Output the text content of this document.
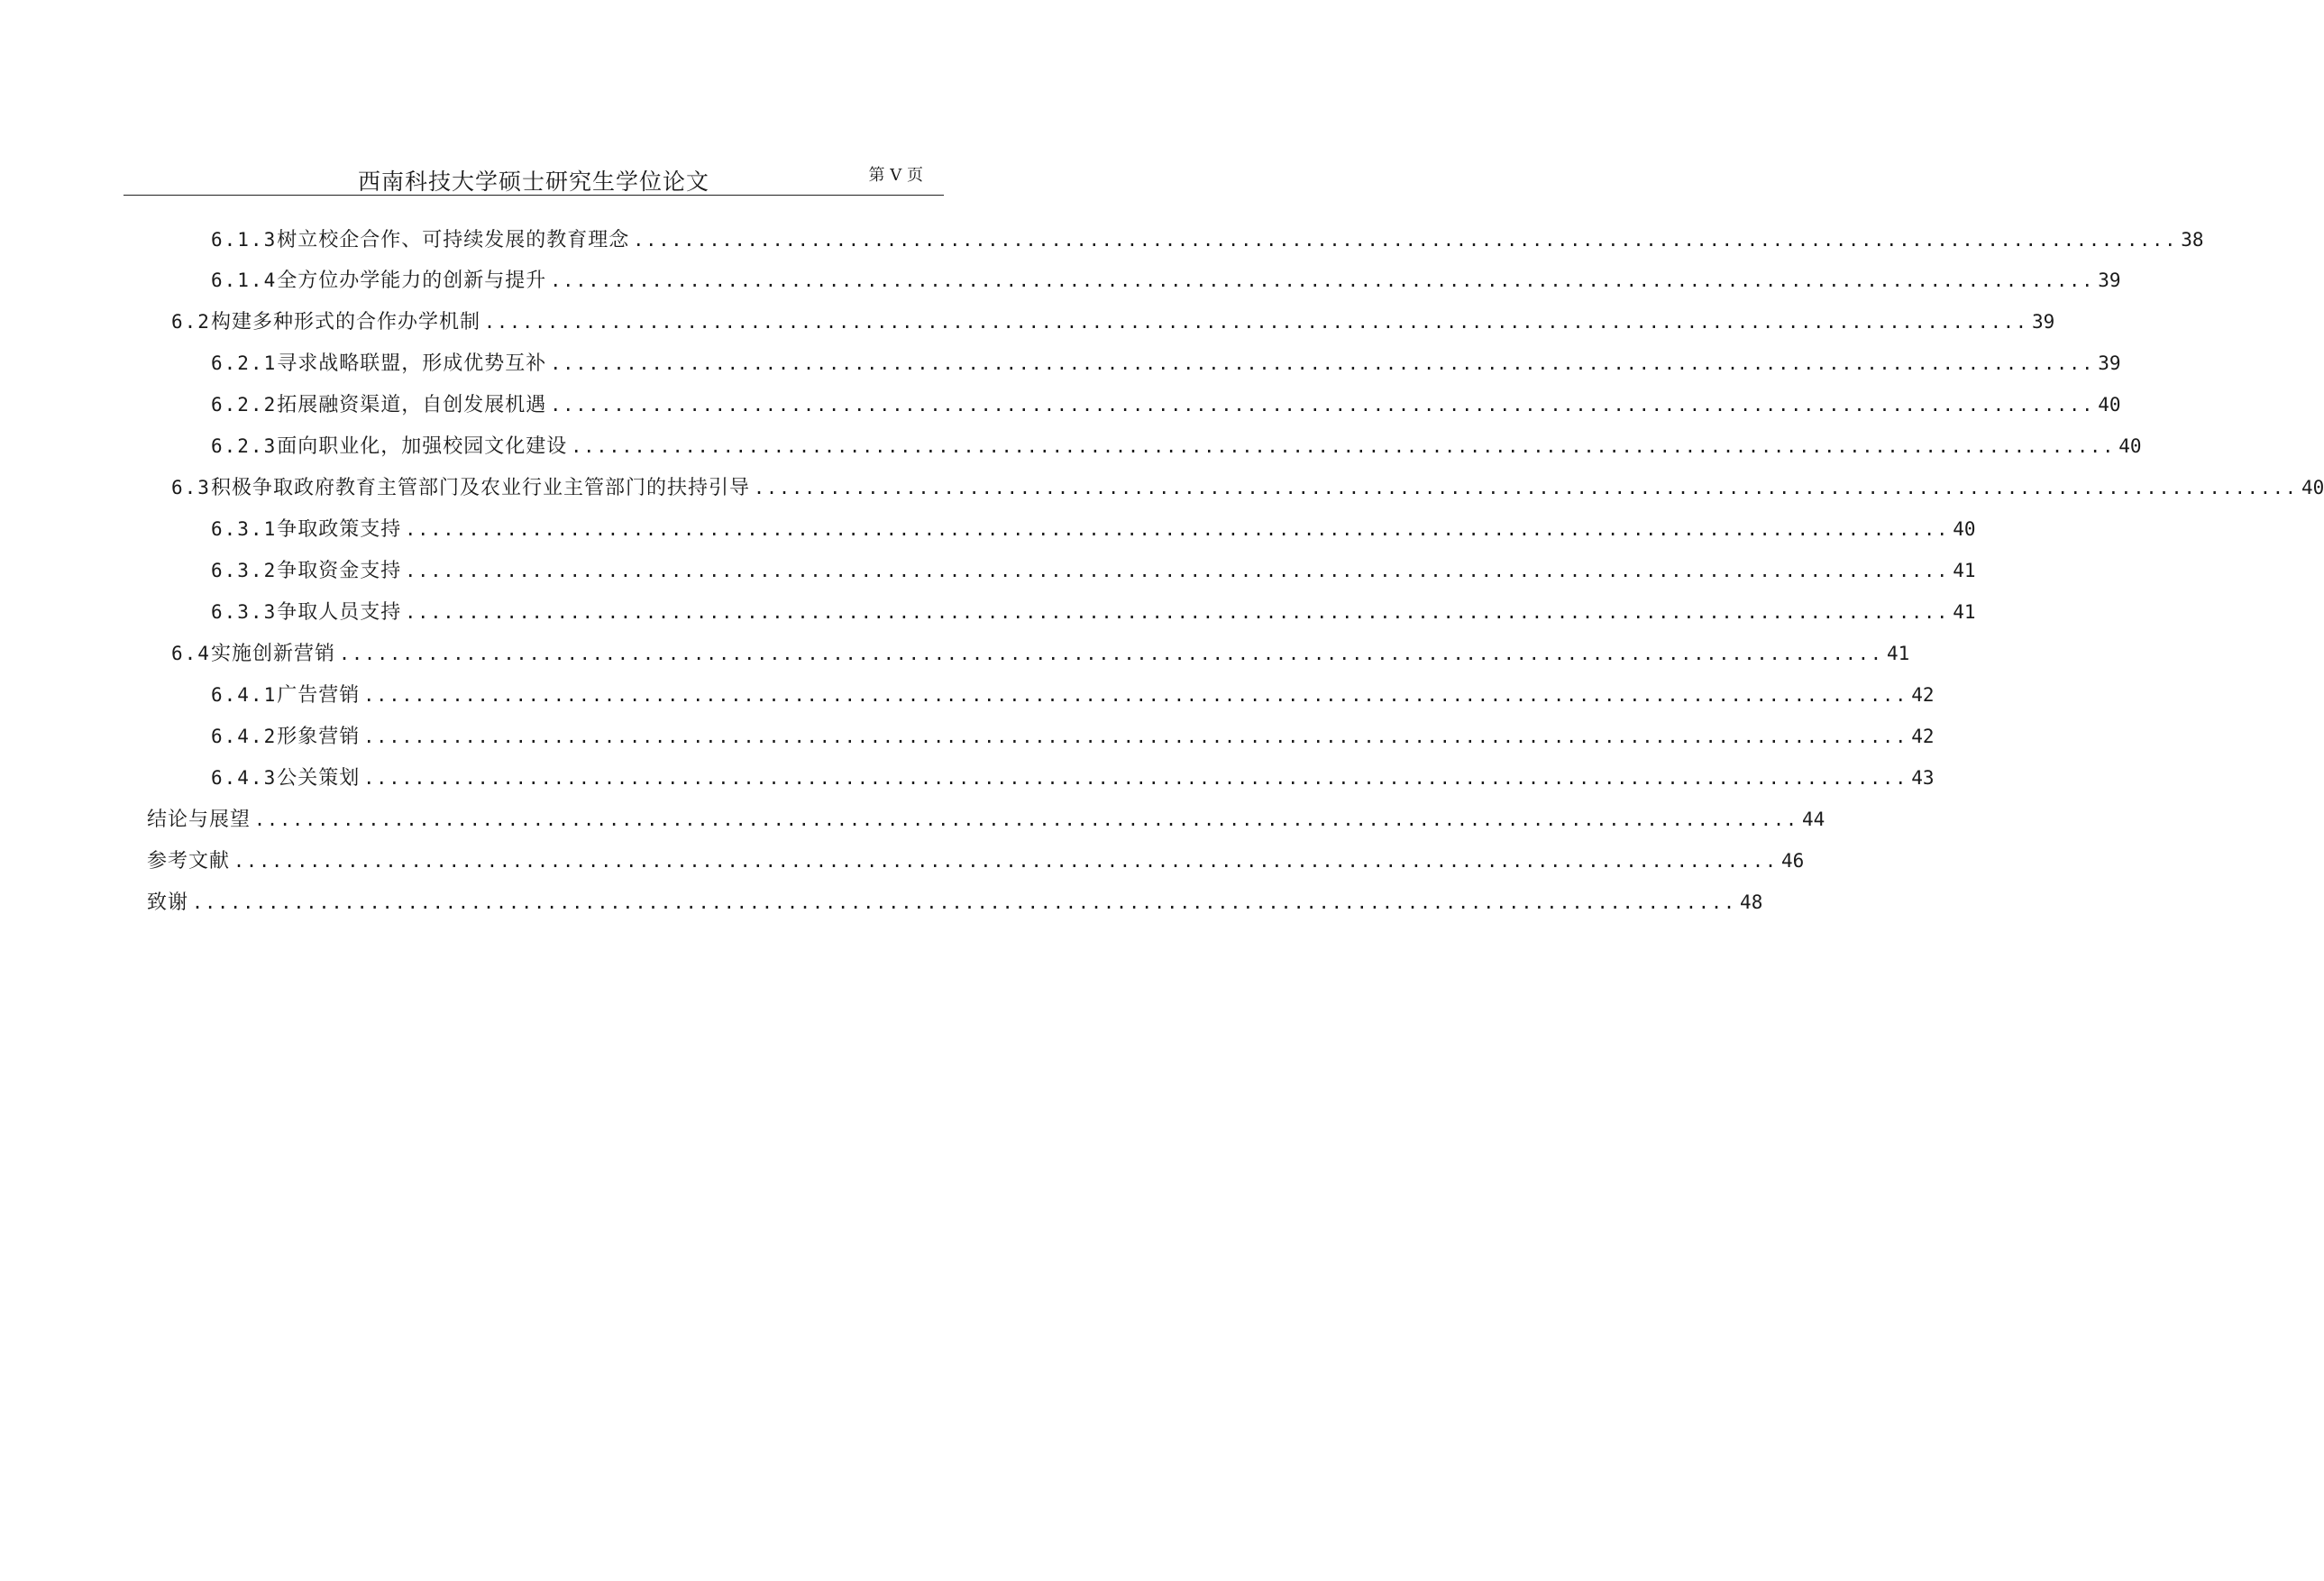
西南科技大学硕士研究生学位论文	第 V 页
6.1.3 树立校企合作、可持续发展的教育理念 .......................................................................................................................... 38
6.1.4 全方位办学能力的创新与提升 .......................................................................................................................... 39
6.2 构建多种形式的合作办学机制 .......................................................................................................................... 39
6.2.1 寻求战略联盟，形成优势互补 .......................................................................................................................... 39
6.2.2 拓展融资渠道，自创发展机遇 .......................................................................................................................... 40
6.2.3 面向职业化，加强校园文化建设 .......................................................................................................................... 40
6.3 积极争取政府教育主管部门及农业行业主管部门的扶持引导 .......................................................................................................................... 40
6.3.1 争取政策支持 .......................................................................................................................... 40
6.3.2 争取资金支持 .......................................................................................................................... 41
6.3.3 争取人员支持 .......................................................................................................................... 41
6.4 实施创新营销 .......................................................................................................................... 41
6.4.1 广告营销 .......................................................................................................................... 42
6.4.2 形象营销 .......................................................................................................................... 42
6.4.3 公关策划 .......................................................................................................................... 43
结论与展望 .......................................................................................................................... 44
参考文献 .......................................................................................................................... 46
致 谢 .......................................................................................................................... 48
